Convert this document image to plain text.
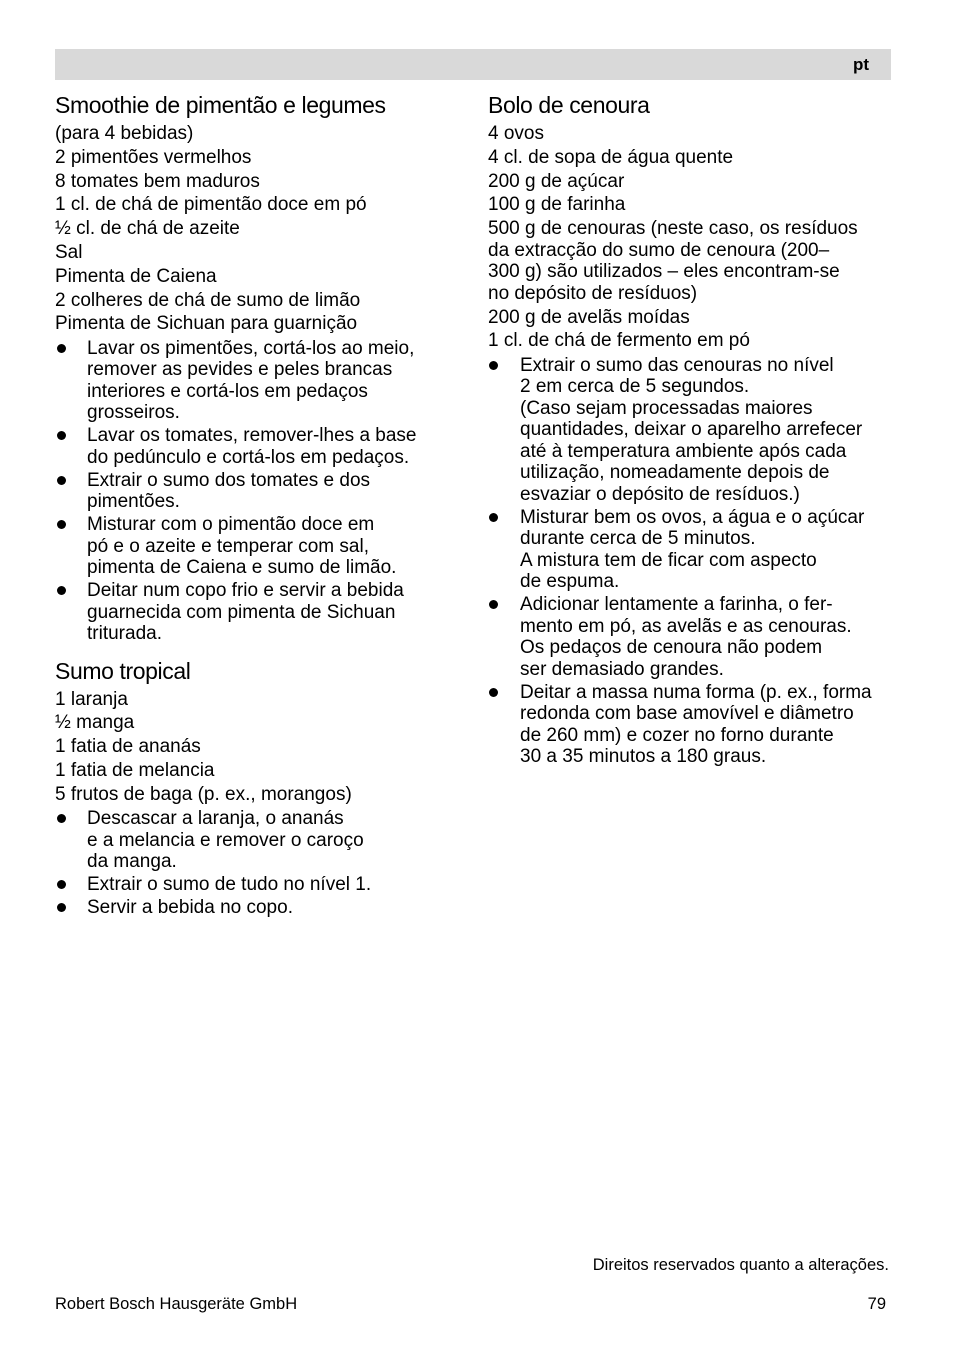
pt
Smoothie de pimentão e legumes

(para 4 bebidas)

2 pimentões vermelhos

8 tomates bem maduros

1 cl. de chá de pimentão doce em pó

½ cl. de chá de azeite

Sal

Pimenta de Caiena

2 colheres de chá de sumo de limão

Pimenta de Sichuan para guarnição

Lavar os pimentões, cortá-los ao meio,
remover as pevides e peles brancas
interiores e cortá-los em pedaços
grosseiros.
Lavar os tomates, remover-lhes a base
do pedúnculo e cortá-los em pedaços.
Extrair o sumo dos tomates e dos
pimentões.
Misturar com o pimentão doce em
pó e o azeite e temperar com sal,
pimenta de Caiena e sumo de limão.
Deitar num copo frio e servir a bebida
guarnecida com pimenta de Sichuan
triturada.
Sumo tropical

1 laranja

½ manga

1 fatia de ananás

1 fatia de melancia

5 frutos de baga (p. ex., morangos)

Descascar a laranja, o ananás
e a melancia e remover o caroço
da manga.
Extrair o sumo de tudo no nível 1.
Servir a bebida no copo.
Bolo de cenoura

4 ovos

4 cl. de sopa de água quente

200 g de açúcar

100 g de farinha

500 g de cenouras (neste caso, os resíduos
da extracção do sumo de cenoura (200–
300 g) são utilizados – eles encontram-se
no depósito de resíduos)

200 g de avelãs moídas

1 cl. de chá de fermento em pó

Extrair o sumo das cenouras no nível
2 em cerca de 5 segundos.
(Caso sejam processadas maiores
quantidades, deixar o aparelho arrefecer
até à temperatura ambiente após cada
utilização, nomeadamente depois de
esvaziar o depósito de resíduos.)
Misturar bem os ovos, a água e o açúcar
durante cerca de 5 minutos.
A mistura tem de ficar com aspecto
de espuma.
Adicionar lentamente a farinha, o fer-
mento em pó, as avelãs e as cenouras.
Os pedaços de cenoura não podem
ser demasiado grandes.
Deitar a massa numa forma (p. ex., forma
redonda com base amovível e diâmetro
de 260 mm) e cozer no forno durante
30 a 35 minutos a 180 graus.
Direitos reservados quanto a alterações.
Robert Bosch Hausgeräte GmbH	79
